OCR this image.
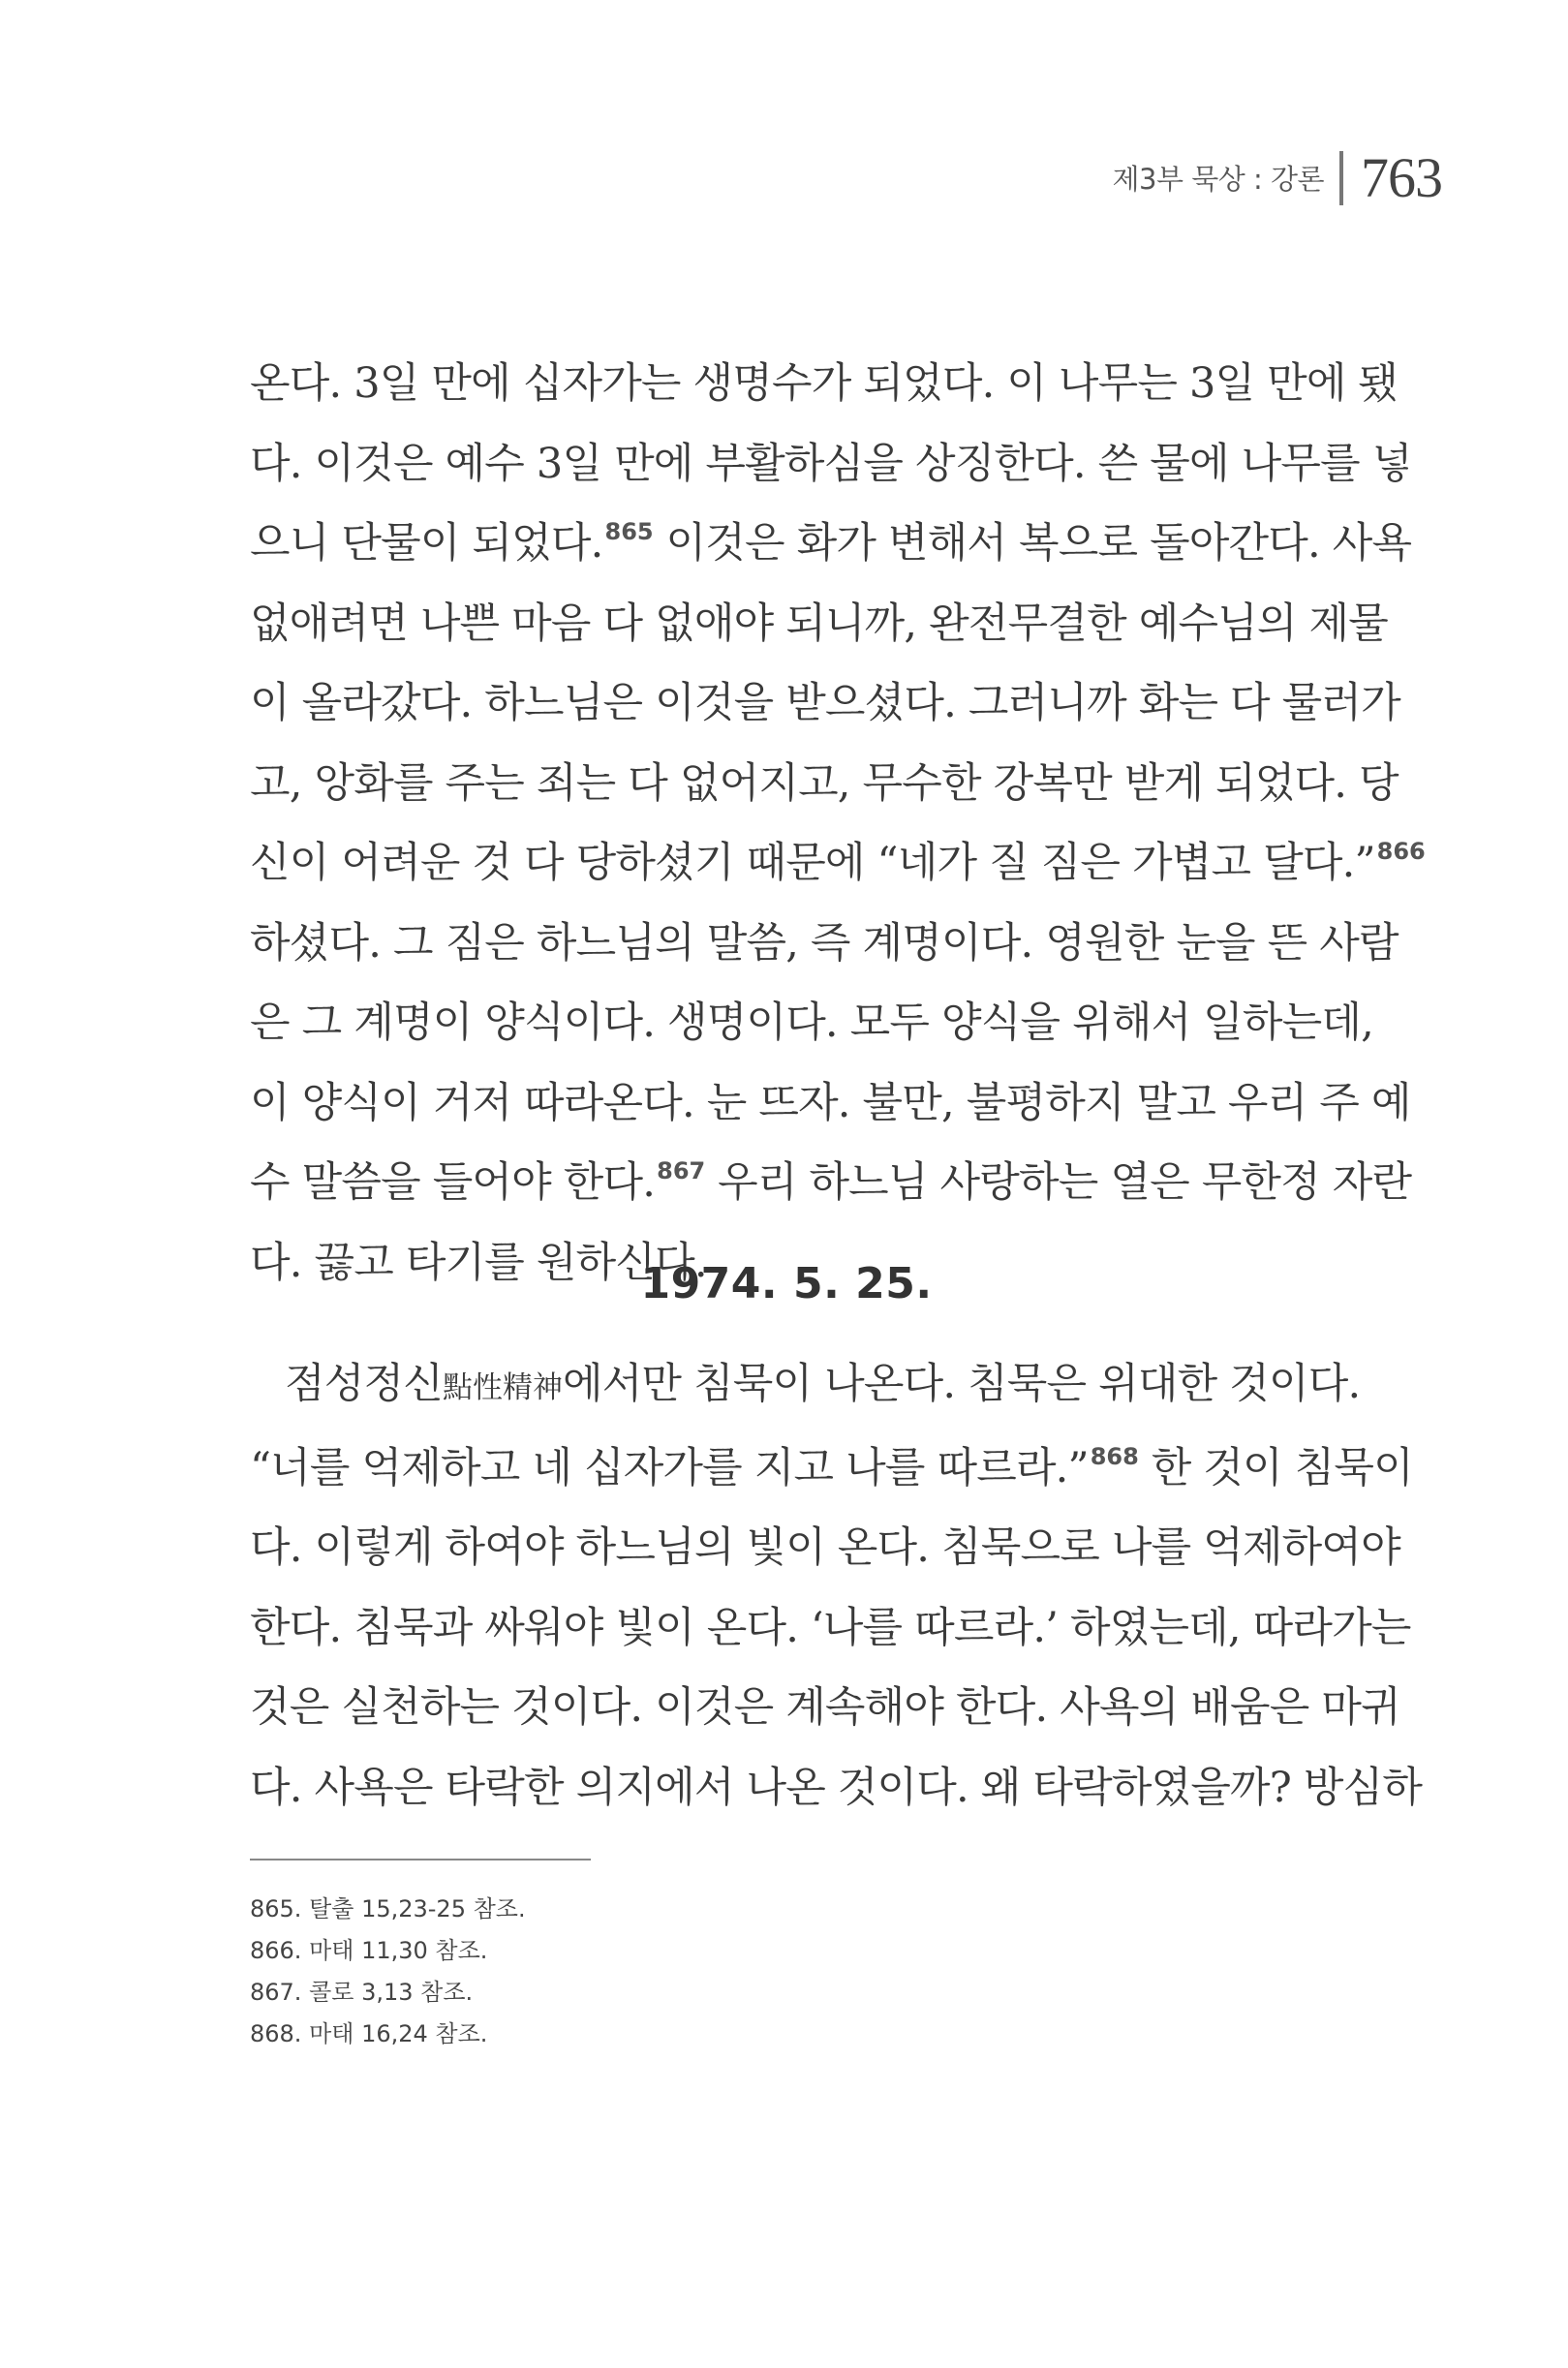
제3부 묵상 : 강론 763
온다. 3일 만에 십자가는 생명수가 되었다. 이 나무는 3일 만에 됐
다. 이것은 예수 3일 만에 부활하심을 상징한다. 쓴 물에 나무를 넣
으니 단물이 되었다.$^{865}$ 이것은 화가 변해서 복으로 돌아간다. 사욕
없애려면 나쁜 마음 다 없애야 되니까, 완전무결한 예수님의 제물
이 올라갔다. 하느님은 이것을 받으셨다. 그러니까 화는 다 물러가
고, 앙화를 주는 죄는 다 없어지고, 무수한 강복만 받게 되었다. 당
신이 어려운 것 다 당하셨기 때문에 “네가 질 짐은 가볍고 달다.”$^{866}$
하셨다. 그 짐은 하느님의 말씀, 즉 계명이다. 영원한 눈을 뜬 사람
은 그 계명이 양식이다. 생명이다. 모두 양식을 위해서 일하는데,
이 양식이 거저 따라온다. 눈 뜨자. 불만, 불평하지 말고 우리 주 예
수 말씀을 들어야 한다.$^{867}$ 우리 하느님 사랑하는 열은 무한정 자란
다. 끓고 타기를 원하신다.
1974. 5. 25.
점성정신點性精神에서만 침묵이 나온다. 침묵은 위대한 것이다.
“너를 억제하고 네 십자가를 지고 나를 따르라.”$^{868}$ 한 것이 침묵이
다. 이렇게 하여야 하느님의 빛이 온다. 침묵으로 나를 억제하여야
한다. 침묵과 싸워야 빛이 온다. ‘나를 따르라.’ 하였는데, 따라가는
것은 실천하는 것이다. 이것은 계속해야 한다. 사욕의 배움은 마귀
다. 사욕은 타락한 의지에서 나온 것이다. 왜 타락하였을까? 방심하
865. 탈출 15,23-25 참조.
866. 마태 11,30 참조.
867. 콜로 3,13 참조.
868. 마태 16,24 참조.
